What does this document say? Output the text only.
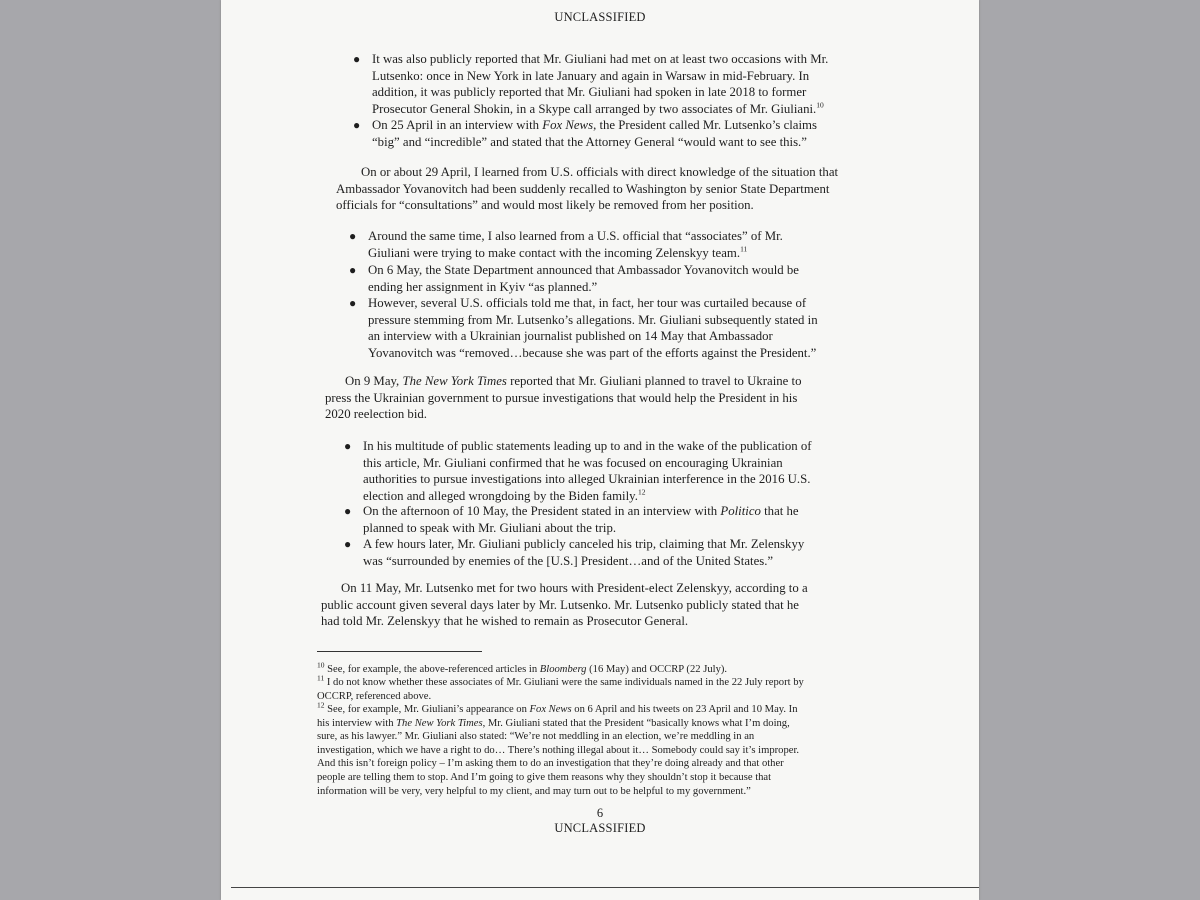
UNCLASSIFIED
● It was also publicly reported that Mr. Giuliani had met on at least two occasions with Mr.
Lutsenko: once in New York in late January and again in Warsaw in mid-February. In
addition, it was publicly reported that Mr. Giuliani had spoken in late 2018 to former
Prosecutor General Shokin, in a Skype call arranged by two associates of Mr. Giuliani.$^{10}$
● On 25 April in an interview with Fox News, the President called Mr. Lutsenko’s claims
“big” and “incredible” and stated that the Attorney General “would want to see this.”
On or about 29 April, I learned from U.S. officials with direct knowledge of the situation that
Ambassador Yovanovitch had been suddenly recalled to Washington by senior State Department
officials for “consultations” and would most likely be removed from her position.
● Around the same time, I also learned from a U.S. official that “associates” of Mr.
Giuliani were trying to make contact with the incoming Zelenskyy team.$^{11}$
● On 6 May, the State Department announced that Ambassador Yovanovitch would be
ending her assignment in Kyiv “as planned.”
● However, several U.S. officials told me that, in fact, her tour was curtailed because of
pressure stemming from Mr. Lutsenko’s allegations. Mr. Giuliani subsequently stated in
an interview with a Ukrainian journalist published on 14 May that Ambassador
Yovanovitch was “removed…because she was part of the efforts against the President.”
On 9 May, The New York Times reported that Mr. Giuliani planned to travel to Ukraine to
press the Ukrainian government to pursue investigations that would help the President in his
2020 reelection bid.
● In his multitude of public statements leading up to and in the wake of the publication of
this article, Mr. Giuliani confirmed that he was focused on encouraging Ukrainian
authorities to pursue investigations into alleged Ukrainian interference in the 2016 U.S.
election and alleged wrongdoing by the Biden family.$^{12}$
● On the afternoon of 10 May, the President stated in an interview with Politico that he
planned to speak with Mr. Giuliani about the trip.
● A few hours later, Mr. Giuliani publicly canceled his trip, claiming that Mr. Zelenskyy
was “surrounded by enemies of the [U.S.] President…and of the United States.”
On 11 May, Mr. Lutsenko met for two hours with President-elect Zelenskyy, according to a
public account given several days later by Mr. Lutsenko. Mr. Lutsenko publicly stated that he
had told Mr. Zelenskyy that he wished to remain as Prosecutor General.
$^{10}$ See, for example, the above-referenced articles in Bloomberg (16 May) and OCCRP (22 July).
$^{11}$ I do not know whether these associates of Mr. Giuliani were the same individuals named in the 22 July report by
OCCRP, referenced above.
$^{12}$ See, for example, Mr. Giuliani’s appearance on Fox News on 6 April and his tweets on 23 April and 10 May. In
his interview with The New York Times, Mr. Giuliani stated that the President “basically knows what I’m doing,
sure, as his lawyer.” Mr. Giuliani also stated: “We’re not meddling in an election, we’re meddling in an
investigation, which we have a right to do… There’s nothing illegal about it… Somebody could say it’s improper.
And this isn’t foreign policy – I’m asking them to do an investigation that they’re doing already and that other
people are telling them to stop. And I’m going to give them reasons why they shouldn’t stop it because that
information will be very, very helpful to my client, and may turn out to be helpful to my government.”
6
UNCLASSIFIED
